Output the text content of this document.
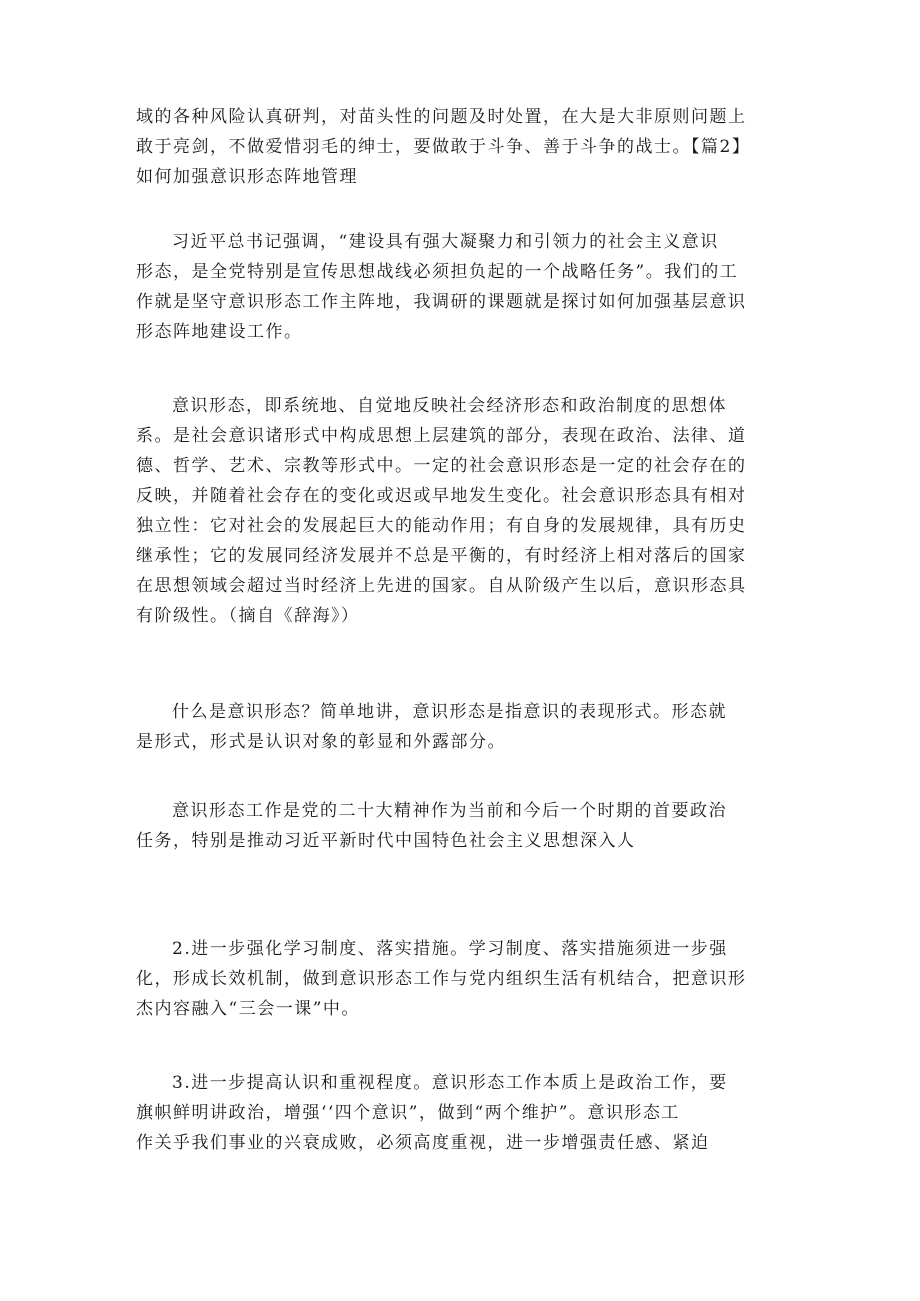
域的各种风险认真研判，对苗头性的问题及时处置，在大是大非原则问题上
敢于亮剑，不做爱惜羽毛的绅士，要做敢于斗争、善于斗争的战士。【篇2】
如何加强意识形态阵地管理
习近平总书记强调，“建设具有强大凝聚力和引领力的社会主义意识
形态，是全党特别是宣传思想战线必须担负起的一个战略任务”。我们的工
作就是坚守意识形态工作主阵地，我调研的课题就是探讨如何加强基层意识
形态阵地建设工作。
意识形态，即系统地、自觉地反映社会经济形态和政治制度的思想体
系。是社会意识诸形式中构成思想上层建筑的部分，表现在政治、法律、道
德、哲学、艺术、宗教等形式中。一定的社会意识形态是一定的社会存在的
反映，并随着社会存在的变化或迟或早地发生变化。社会意识形态具有相对
独立性：它对社会的发展起巨大的能动作用；有自身的发展规律，具有历史
继承性；它的发展同经济发展并不总是平衡的，有时经济上相对落后的国家
在思想领域会超过当时经济上先进的国家。自从阶级产生以后，意识形态具
有阶级性。（摘自《辞海》）
什么是意识形态？简单地讲，意识形态是指意识的表现形式。形态就
是形式，形式是认识对象的彰显和外露部分。
意识形态工作是党的二十大精神作为当前和今后一个时期的首要政治
任务，特别是推动习近平新时代中国特色社会主义思想深入人
2.进一步强化学习制度、落实措施。学习制度、落实措施须进一步强
化，形成长效机制，做到意识形态工作与党内组织生活有机结合，把意识形
杰内容融入“三会一课”中。
3.进一步提高认识和重视程度。意识形态工作本质上是政治工作，要
旗帜鲜明讲政治，增强‘‘四个意识”，做到“两个维护”。意识形态工
作关乎我们事业的兴衰成败，必须高度重视，进一步增强责任感、紧迫
